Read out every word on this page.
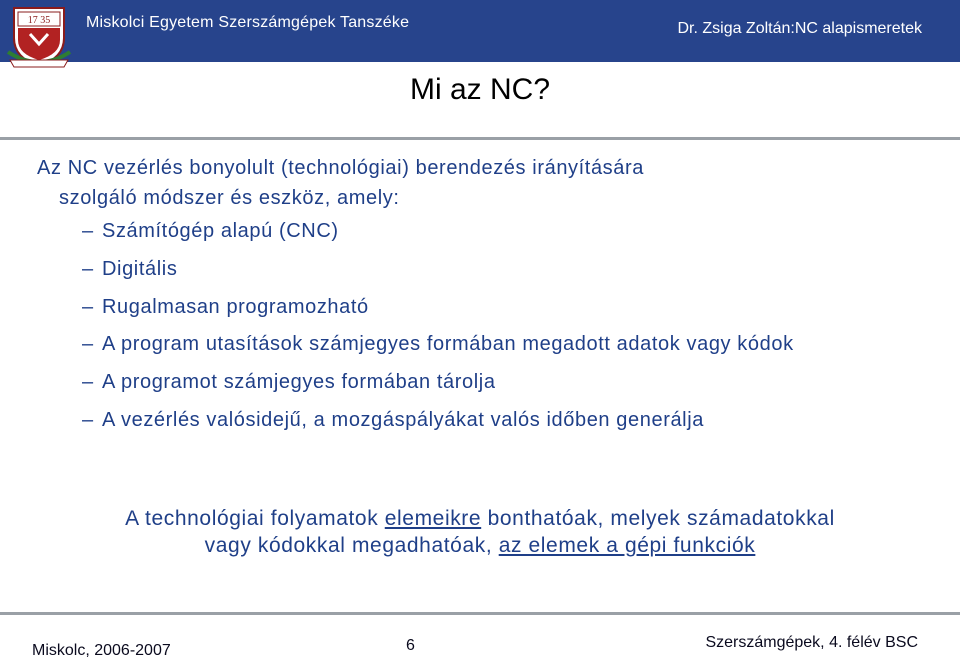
17 35 Miskolci Egyetem Szerszámgépek Tanszéke	Dr. Zsiga Zoltán:NC alapismeretek
Mi az NC?
Az NC vezérlés bonyolult (technológiai) berendezés irányítására
szolgáló módszer és eszköz, amely:
– Számítógép alapú (CNC)
– Digitális
– Rugalmasan programozható
– A program utasítások számjegyes formában megadott adatok vagy kódok
– A programot számjegyes formában tárolja
– A vezérlés valósidejű, a mozgáspályákat valós időben generálja
A technológiai folyamatok elemeikre bonthatóak, melyek számadatokkal
vagy kódokkal megadhatóak, az elemek a gépi funkciók
Miskolc, 2006-2007	6	Szerszámgépek, 4. félév BSC
